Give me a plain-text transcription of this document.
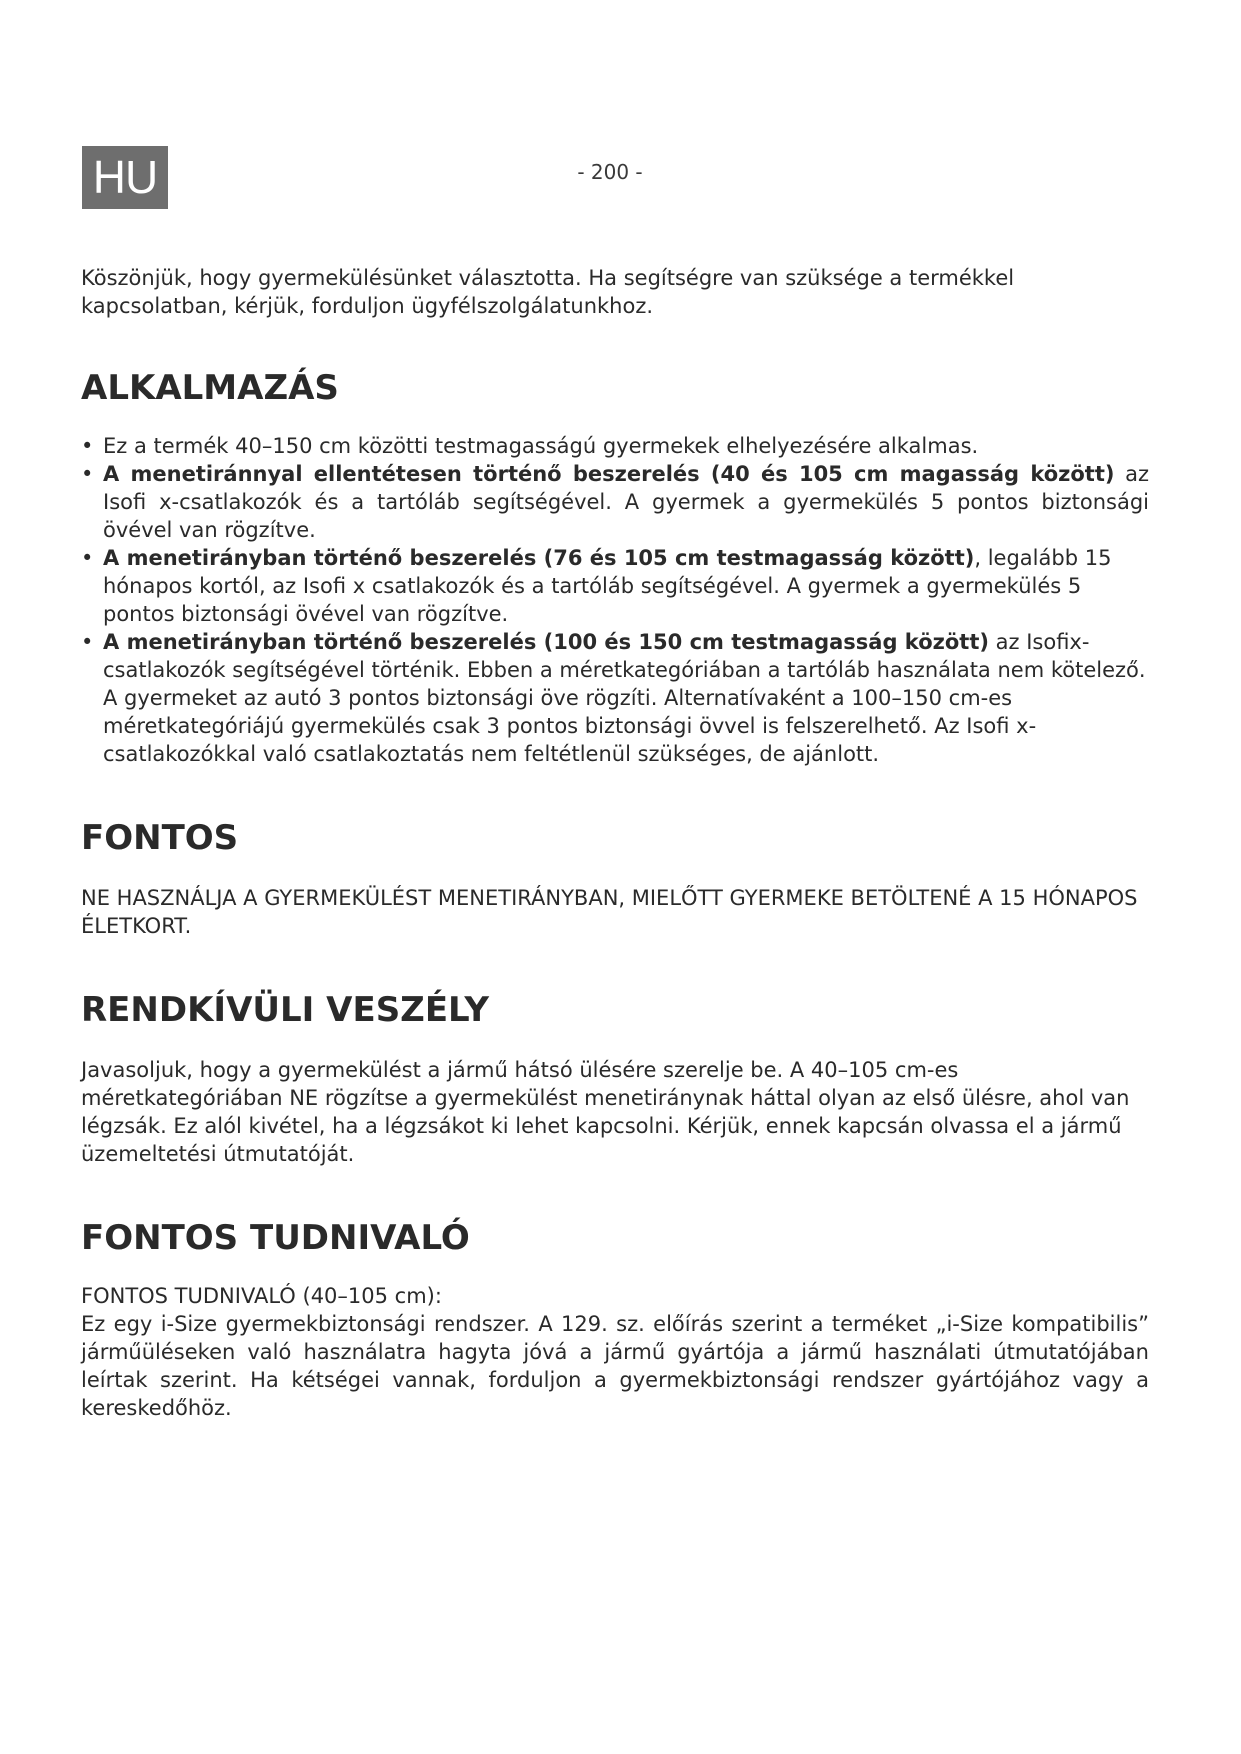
HU	- 200 -

Köszönjük, hogy gyermekülésünket választotta. Ha segítségre van szüksége a termékkel kapcsolatban, kérjük, forduljon ügyfélszolgálatunkhoz.

ALKALMAZÁS
• Ez a termék 40–150 cm közötti testmagasságú gyermekek elhelyezésére alkalmas.
• A menetiránnyal ellentétesen történő beszerelés (40 és 105 cm magasság között) az Isofi x-csatlakozók és a tartóláb segítségével. A gyermek a gyermekülés 5 pontos biztonsági övével van rögzítve.
• A menetirányban történő beszerelés (76 és 105 cm testmagasság között), legalább 15 hónapos kortól, az Isofi x csatlakozók és a tartóláb segítségével. A gyermek a gyermekülés 5 pontos biztonsági övével van rögzítve.
• A menetirányban történő beszerelés (100 és 150 cm testmagasság között) az Isofix-csatlakozók segítségével történik. Ebben a méretkategóriában a tartóláb használata nem kötelező. A gyermeket az autó 3 pontos biztonsági öve rögzíti. Alternatívaként a 100–150 cm-es méretkategóriájú gyermekülés csak 3 pontos biztonsági övvel is felszerelhető. Az Isofi x-csatlakozókkal való csatlakoztatás nem feltétlenül szükséges, de ajánlott.
FONTOS

NE HASZNÁLJA A GYERMEKÜLÉST MENETIRÁNYBAN, MIELŐTT GYERMEKE BETÖLTENÉ A 15 HÓNAPOS ÉLETKORT.

RENDKÍVÜLI VESZÉLY

Javasoljuk, hogy a gyermekülést a jármű hátsó ülésére szerelje be. A 40–105 cm-es méretkategóriában NE rögzítse a gyermekülést menetiránynak háttal olyan az első ülésre, ahol van légzsák. Ez alól kivétel, ha a légzsákot ki lehet kapcsolni. Kérjük, ennek kapcsán olvassa el a jármű üzemeltetési útmutatóját.

FONTOS TUDNIVALÓ

FONTOS TUDNIVALÓ (40–105 cm):

Ez egy i-Size gyermekbiztonsági rendszer. A 129. sz. előírás szerint a terméket „i-Size kompatibilis” járműüléseken való használatra hagyta jóvá a jármű gyártója a jármű használati útmutatójában leírtak szerint. Ha kétségei vannak, forduljon a gyermekbiztonsági rendszer gyártójához vagy a kereskedőhöz.
